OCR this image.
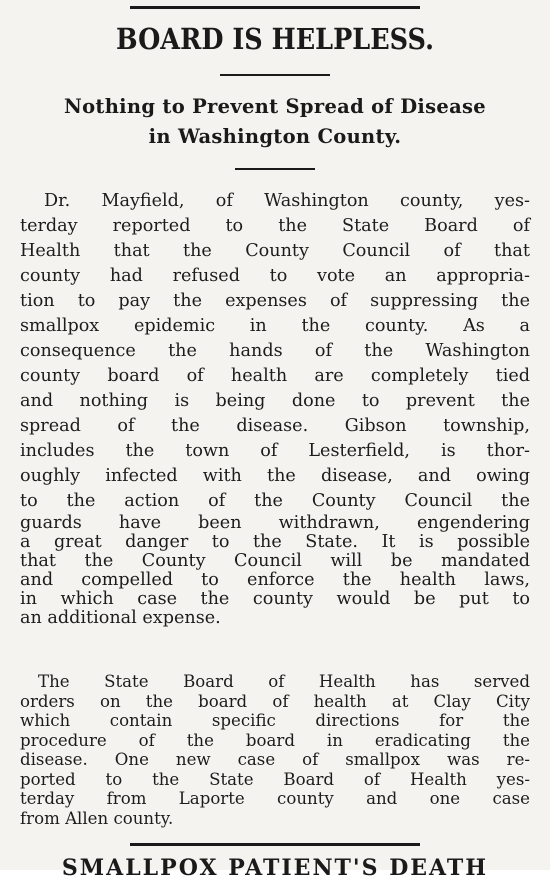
BOARD IS HELPLESS.
Nothing to Prevent Spread of Disease
in Washington County.
Dr. Mayfield, of Washington county, yes-
terday reported to the State Board of
Health that the County Council of that
county had refused to vote an appropria-
tion to pay the expenses of suppressing the
smallpox epidemic in the county. As a
consequence the hands of the Washington
county board of health are completely tied
and nothing is being done to prevent the
spread of the disease. Gibson township,
includes the town of Lesterfield, is thor-
oughly infected with the disease, and owing
to the action of the County Council the
guards have been withdrawn, engendering
a great danger to the State. It is possible
that the County Council will be mandated
and compelled to enforce the health laws,
in which case the county would be put to
an additional expense.
The State Board of Health has served
orders on the board of health at Clay City
which contain specific directions for the
procedure of the board in eradicating the
disease. One new case of smallpox was re-
ported to the State Board of Health yes-
terday from Laporte county and one case
from Allen county.
SMALLPOX PATIENT'S DEATH
